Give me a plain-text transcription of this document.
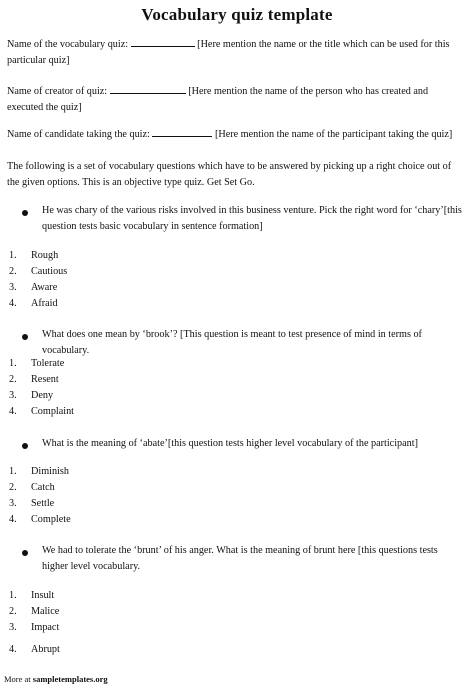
Vocabulary quiz template
Name of the vocabulary quiz:	[Here mention the name or the title which can be used for this particular quiz]
Name of creator of quiz:	[Here mention the name of the person who has created and executed the quiz]
Name of candidate taking the quiz:	[Here mention the name of the participant taking the quiz]
The following is a set of vocabulary questions which have to be answered by picking up a right choice out of the given options. This is an objective type quiz. Get Set Go.
He was chary of the various risks involved in this business venture. Pick the right word for ‘chary’[this question tests basic vocabulary in sentence formation]
1.	Rough
2.	Cautious
3.	Aware
4.	Afraid
What does one mean by ‘brook’? [This question is meant to test presence of mind in terms of vocabulary.
1.	Tolerate
2.	Resent
3.	Deny
4.	Complaint
What is the meaning of ‘abate’[this question tests higher level vocabulary of the participant]
1.	Diminish
2.	Catch
3.	Settle
4.	Complete
We had to tolerate the ‘brunt’ of his anger. What is the meaning of brunt here [this questions tests higher level vocabulary.
1.	Insult
2.	Malice
3.	Impact
4.	Abrupt
More at sampletemplates.org
